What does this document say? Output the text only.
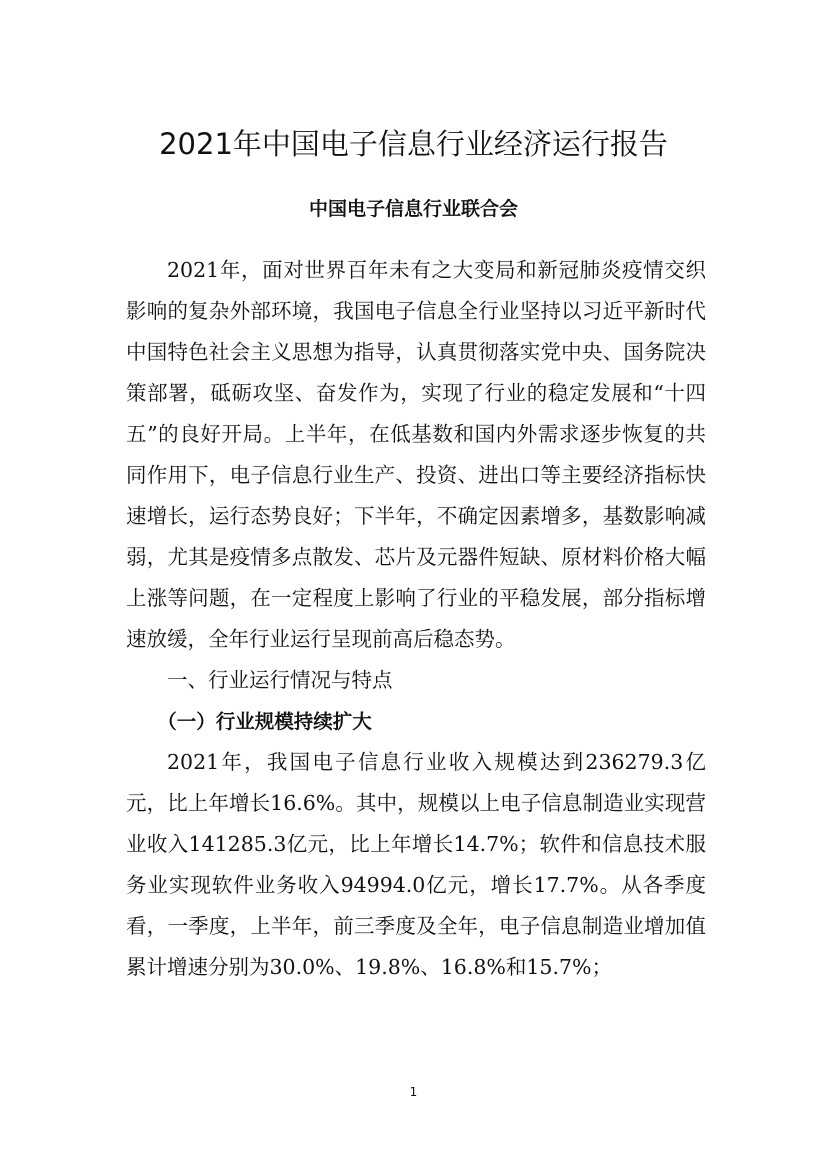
2021年中国电子信息行业经济运行报告
中国电子信息行业联合会

2021年，面对世界百年未有之大变局和新冠肺炎疫情交织影响的复杂外部环境，我国电子信息全行业坚持以习近平新时代中国特色社会主义思想为指导，认真贯彻落实党中央、国务院决策部署，砥砺攻坚、奋发作为，实现了行业的稳定发展和“十四五”的良好开局。上半年，在低基数和国内外需求逐步恢复的共同作用下，电子信息行业生产、投资、进出口等主要经济指标快速增长，运行态势良好；下半年，不确定因素增多，基数影响减弱，尤其是疫情多点散发、芯片及元器件短缺、原材料价格大幅上涨等问题，在一定程度上影响了行业的平稳发展，部分指标增速放缓，全年行业运行呈现前高后稳态势。

一、行业运行情况与特点
（一）行业规模持续扩大

2021年，我国电子信息行业收入规模达到236279.3亿元，比上年增长16.6%。其中，规模以上电子信息制造业实现营业收入141285.3亿元，比上年增长14.7%；软件和信息技术服务业实现软件业务收入94994.0亿元，增长17.7%。从各季度看，一季度，上半年，前三季度及全年，电子信息制造业增加值累计增速分别为30.0%、19.8%、16.8%和15.7%；

1
